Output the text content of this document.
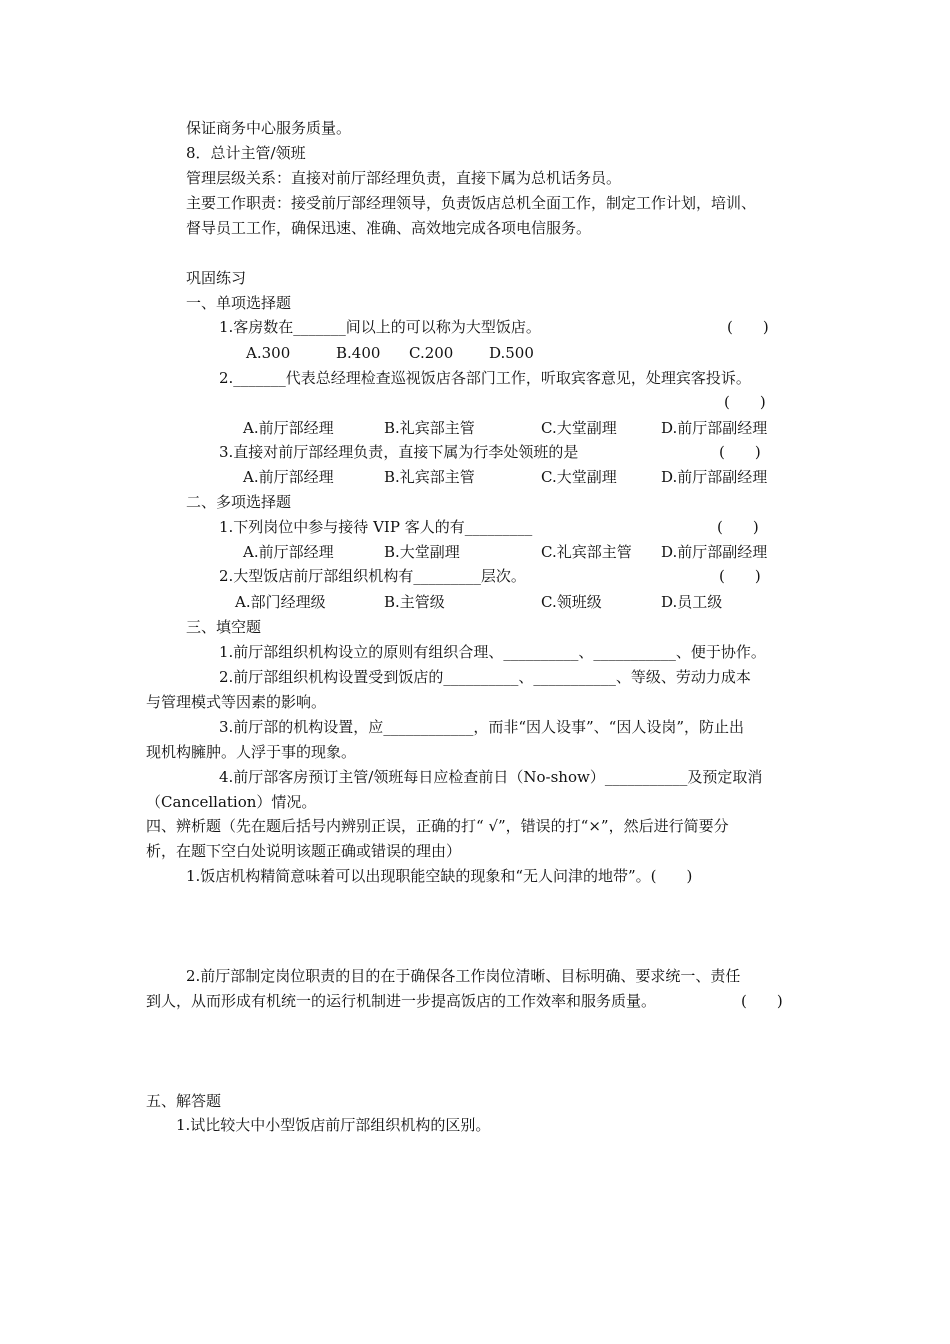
保证商务中心服务质量。
8．总计主管/领班
管理层级关系：直接对前厅部经理负责，直接下属为总机话务员。
主要工作职责：接受前厅部经理领导，负责饭店总机全面工作，制定工作计划，培训、
督导员工工作，确保迅速、准确、高效地完成各项电信服务。
巩固练习
一、单项选择题
1.客房数在_______间以上的可以称为大型饭店。	(　　)
A.300	B.400 C.200 D.500
2._______代表总经理检查巡视饭店各部门工作，听取宾客意见，处理宾客投诉。
(　　)
A.前厅部经理	B.礼宾部主管	C.大堂副理	D.前厅部副经理
3.直接对前厅部经理负责，直接下属为行李处领班的是	(　　)
A.前厅部经理	B.礼宾部主管	C.大堂副理	D.前厅部副经理
二、多项选择题
1.下列岗位中参与接待 VIP 客人的有_________	(　　)
A.前厅部经理	B.大堂副理	C.礼宾部主管 D.前厅部副经理
2.大型饭店前厅部组织机构有_________层次。	(　　)
A.部门经理级	B.主管级	C.领班级	D.员工级
三、填空题
1.前厅部组织机构设立的原则有组织合理、__________、___________、便于协作。
2.前厅部组织机构设置受到饭店的__________、___________、等级、劳动力成本
与管理模式等因素的影响。
3.前厅部的机构设置，应____________，而非“因人设事”、“因人设岗”，防止出
现机构臃肿。人浮于事的现象。
4.前厅部客房预订主管/领班每日应检查前日（No-show）___________及预定取消
（Cancellation）情况。
四、辨析题（先在题后括号内辨别正误，正确的打“ √”，错误的打“×”，然后进行简要分
析，在题下空白处说明该题正确或错误的理由）
1.饭店机构精简意味着可以出现职能空缺的现象和“无人问津的地带”。(　　)
2.前厅部制定岗位职责的目的在于确保各工作岗位清晰、目标明确、要求统一、责任
到人，从而形成有机统一的运行机制进一步提高饭店的工作效率和服务质量。	(　　)
五、解答题
1.试比较大中小型饭店前厅部组织机构的区别。
